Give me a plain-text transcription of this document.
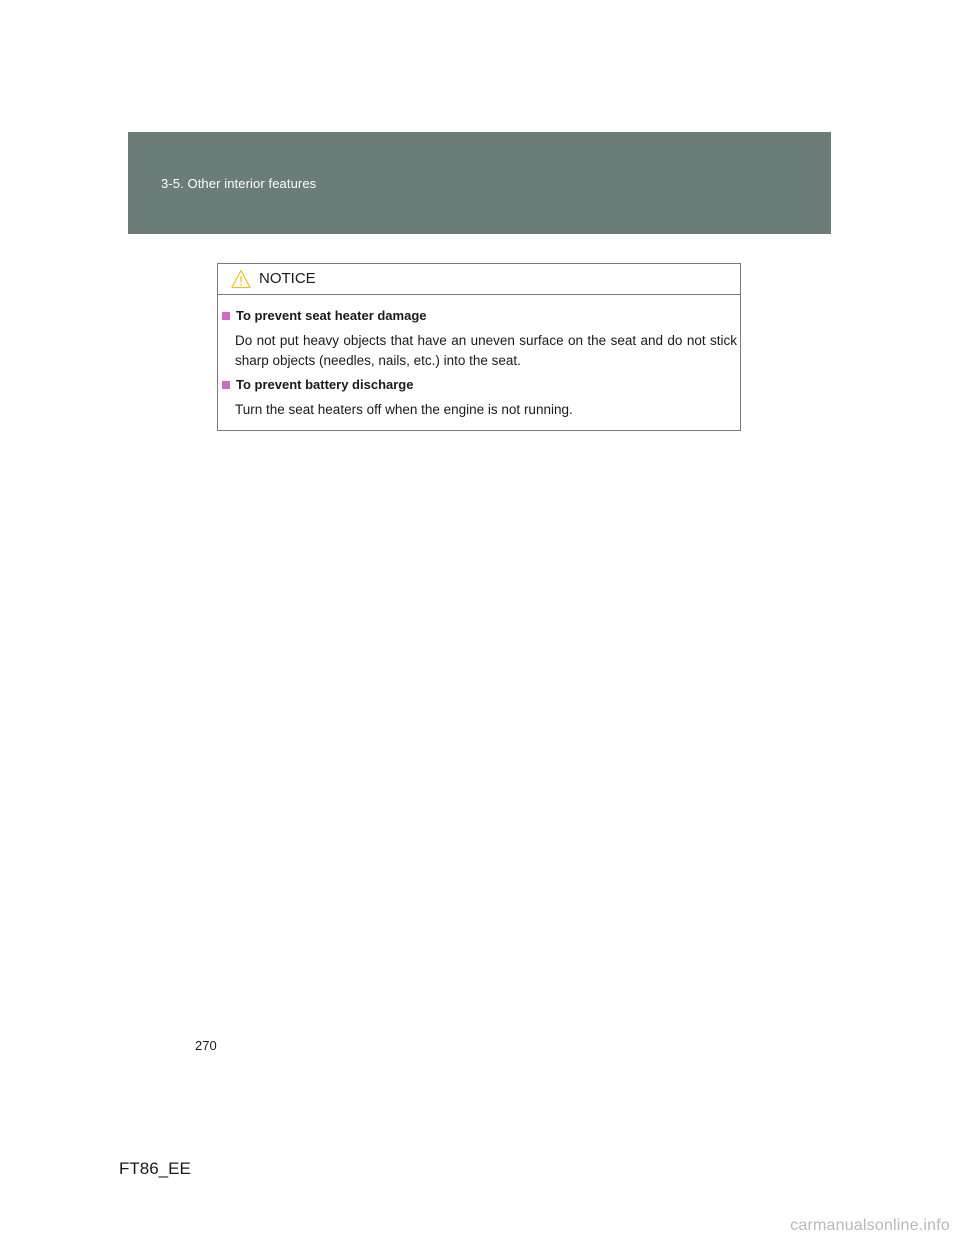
3-5. Other interior features
NOTICE
To prevent seat heater damage
Do not put heavy objects that have an uneven surface on the seat and do not stick sharp objects (needles, nails, etc.) into the seat.
To prevent battery discharge
Turn the seat heaters off when the engine is not running.
270
FT86_EE
carmanualsonline.info
